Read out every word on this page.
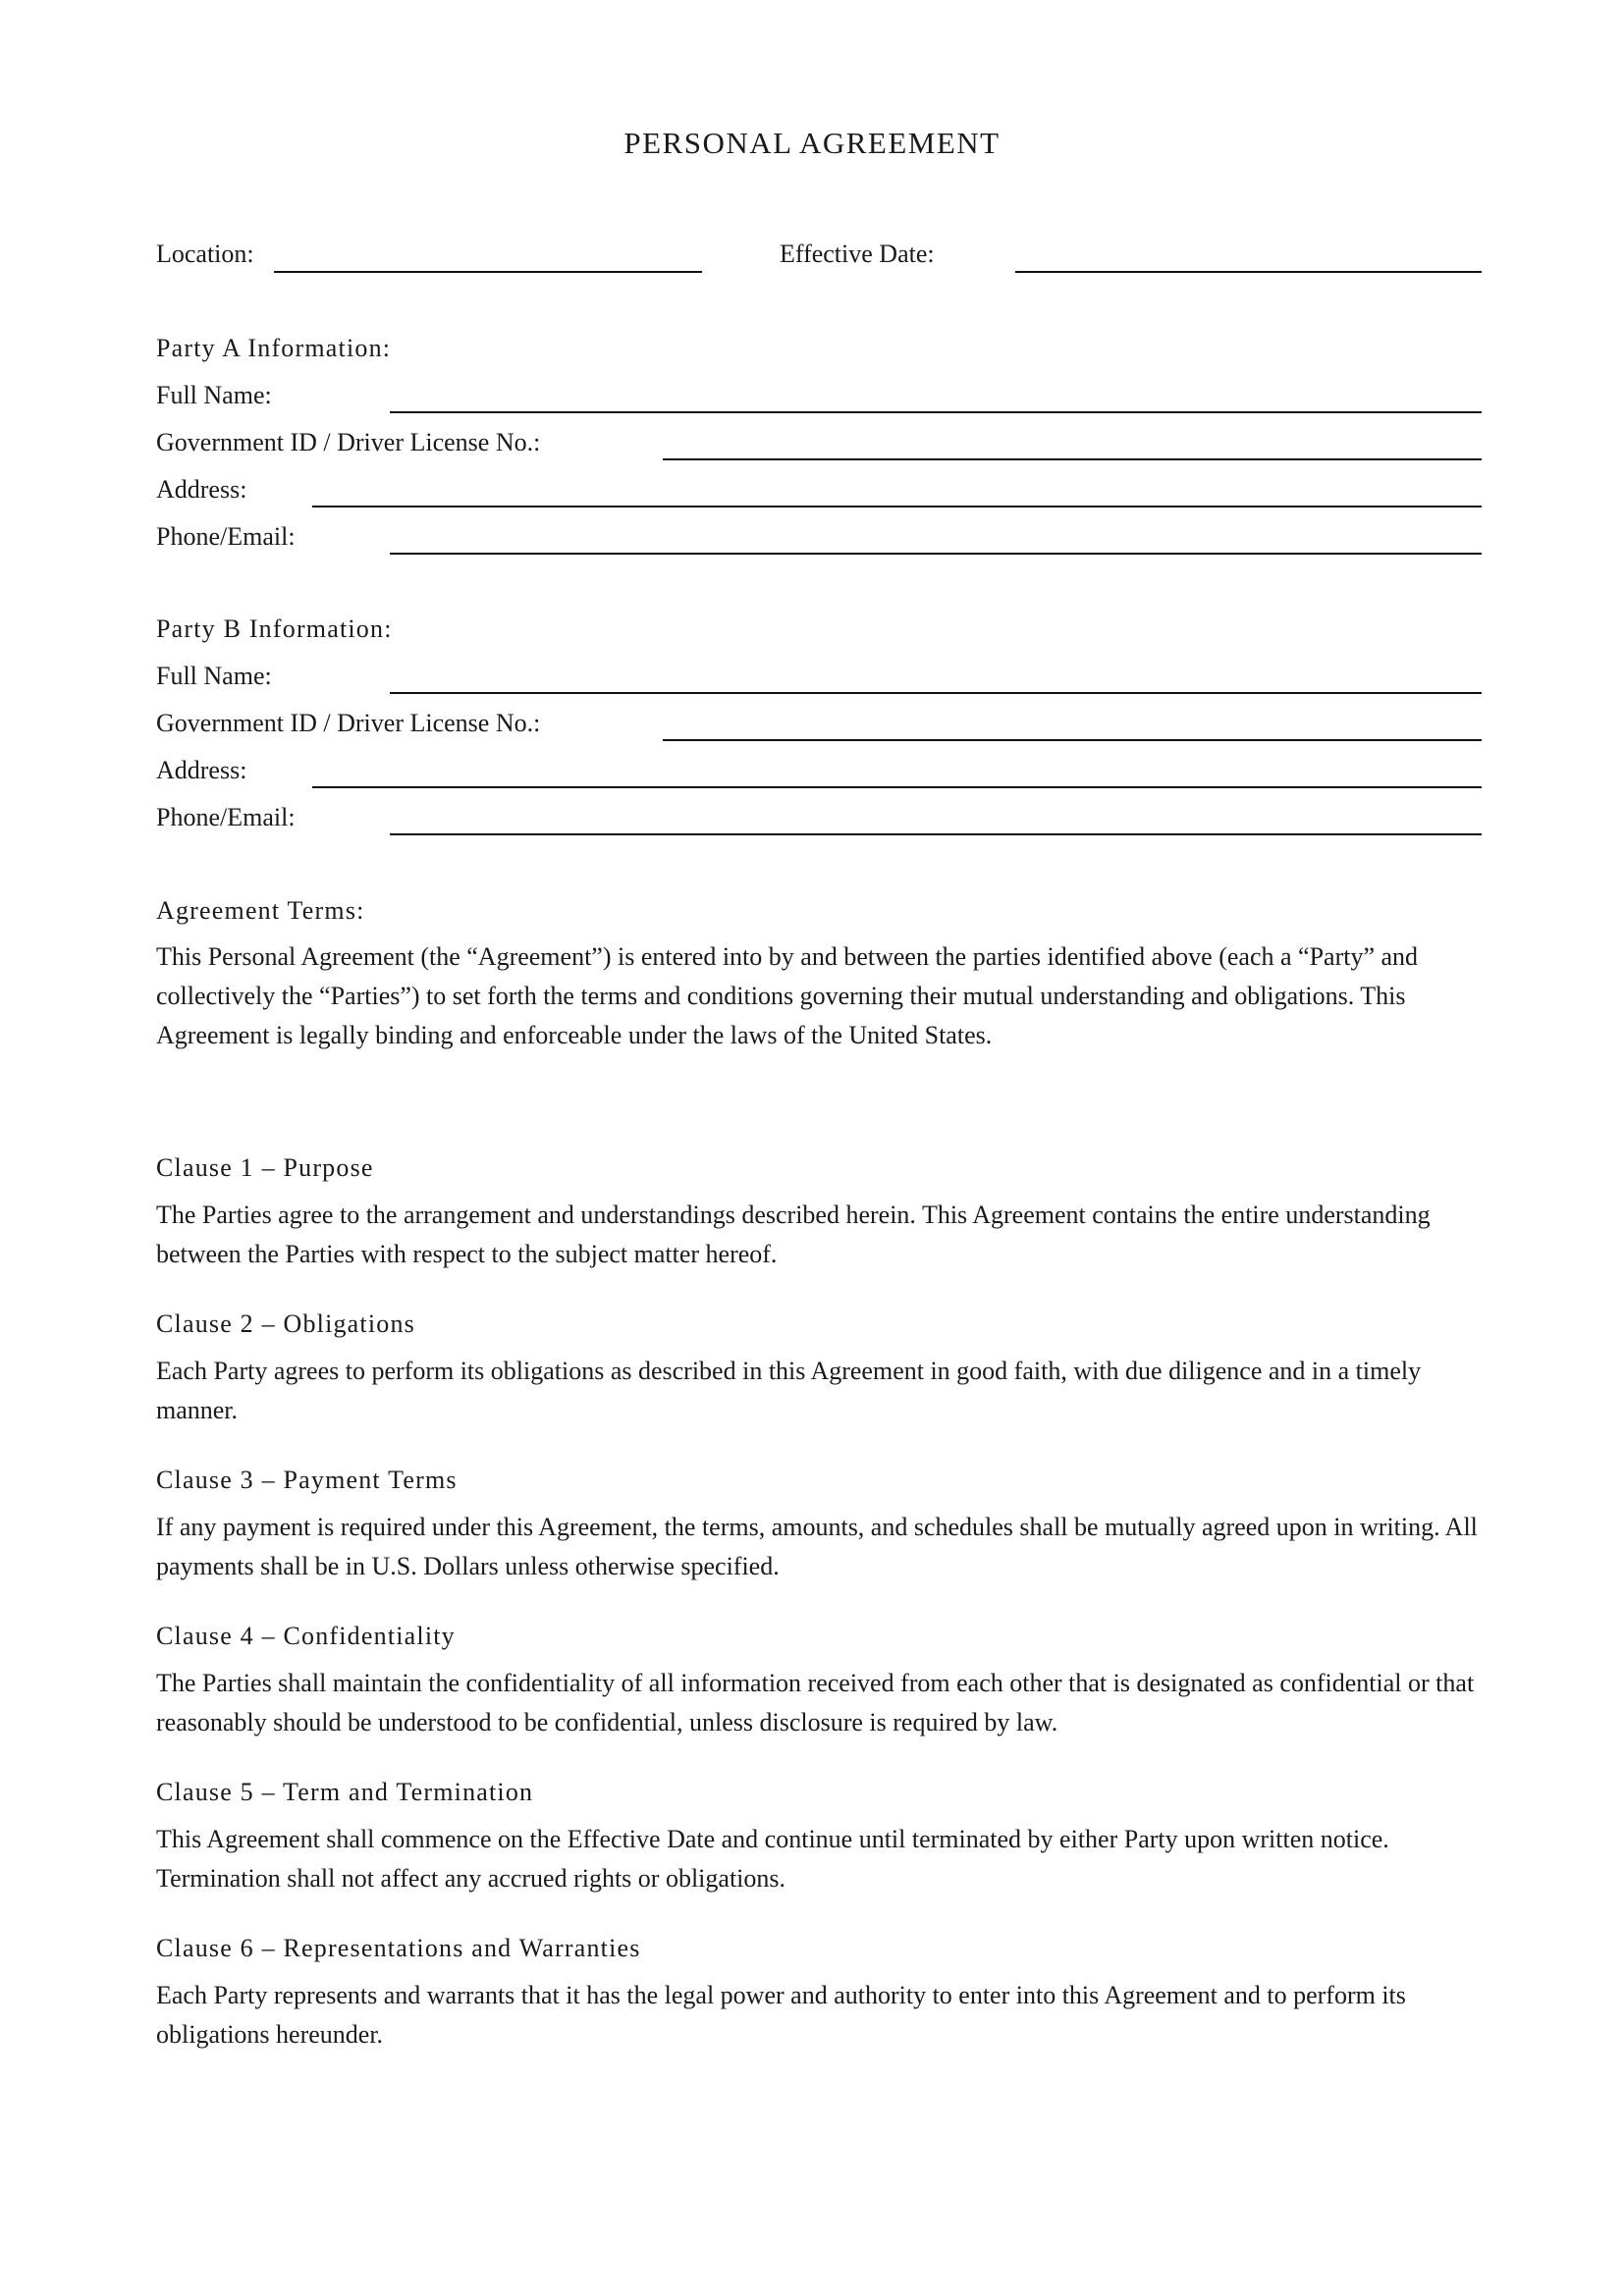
PERSONAL AGREEMENT
Location:	Effective Date:
Party A Information:
Full Name:
Government ID / Driver License No.:
Address:
Phone/Email:
Party B Information:
Full Name:
Government ID / Driver License No.:
Address:
Phone/Email:
Agreement Terms:

This Personal Agreement (the “Agreement”) is entered into by and between the parties identified above (each a “Party” and collectively the “Parties”) to set forth the terms and conditions governing their mutual understanding and obligations. This Agreement is legally binding and enforceable under the laws of the United States.

Clause 1 – Purpose

The Parties agree to the arrangement and understandings described herein. This Agreement contains the entire understanding between the Parties with respect to the subject matter hereof.

Clause 2 – Obligations

Each Party agrees to perform its obligations as described in this Agreement in good faith, with due diligence and in a timely manner.

Clause 3 – Payment Terms

If any payment is required under this Agreement, the terms, amounts, and schedules shall be mutually agreed upon in writing. All payments shall be in U.S. Dollars unless otherwise specified.

Clause 4 – Confidentiality

The Parties shall maintain the confidentiality of all information received from each other that is designated as confidential or that reasonably should be understood to be confidential, unless disclosure is required by law.

Clause 5 – Term and Termination

This Agreement shall commence on the Effective Date and continue until terminated by either Party upon written notice. Termination shall not affect any accrued rights or obligations.

Clause 6 – Representations and Warranties

Each Party represents and warrants that it has the legal power and authority to enter into this Agreement and to perform its obligations hereunder.
